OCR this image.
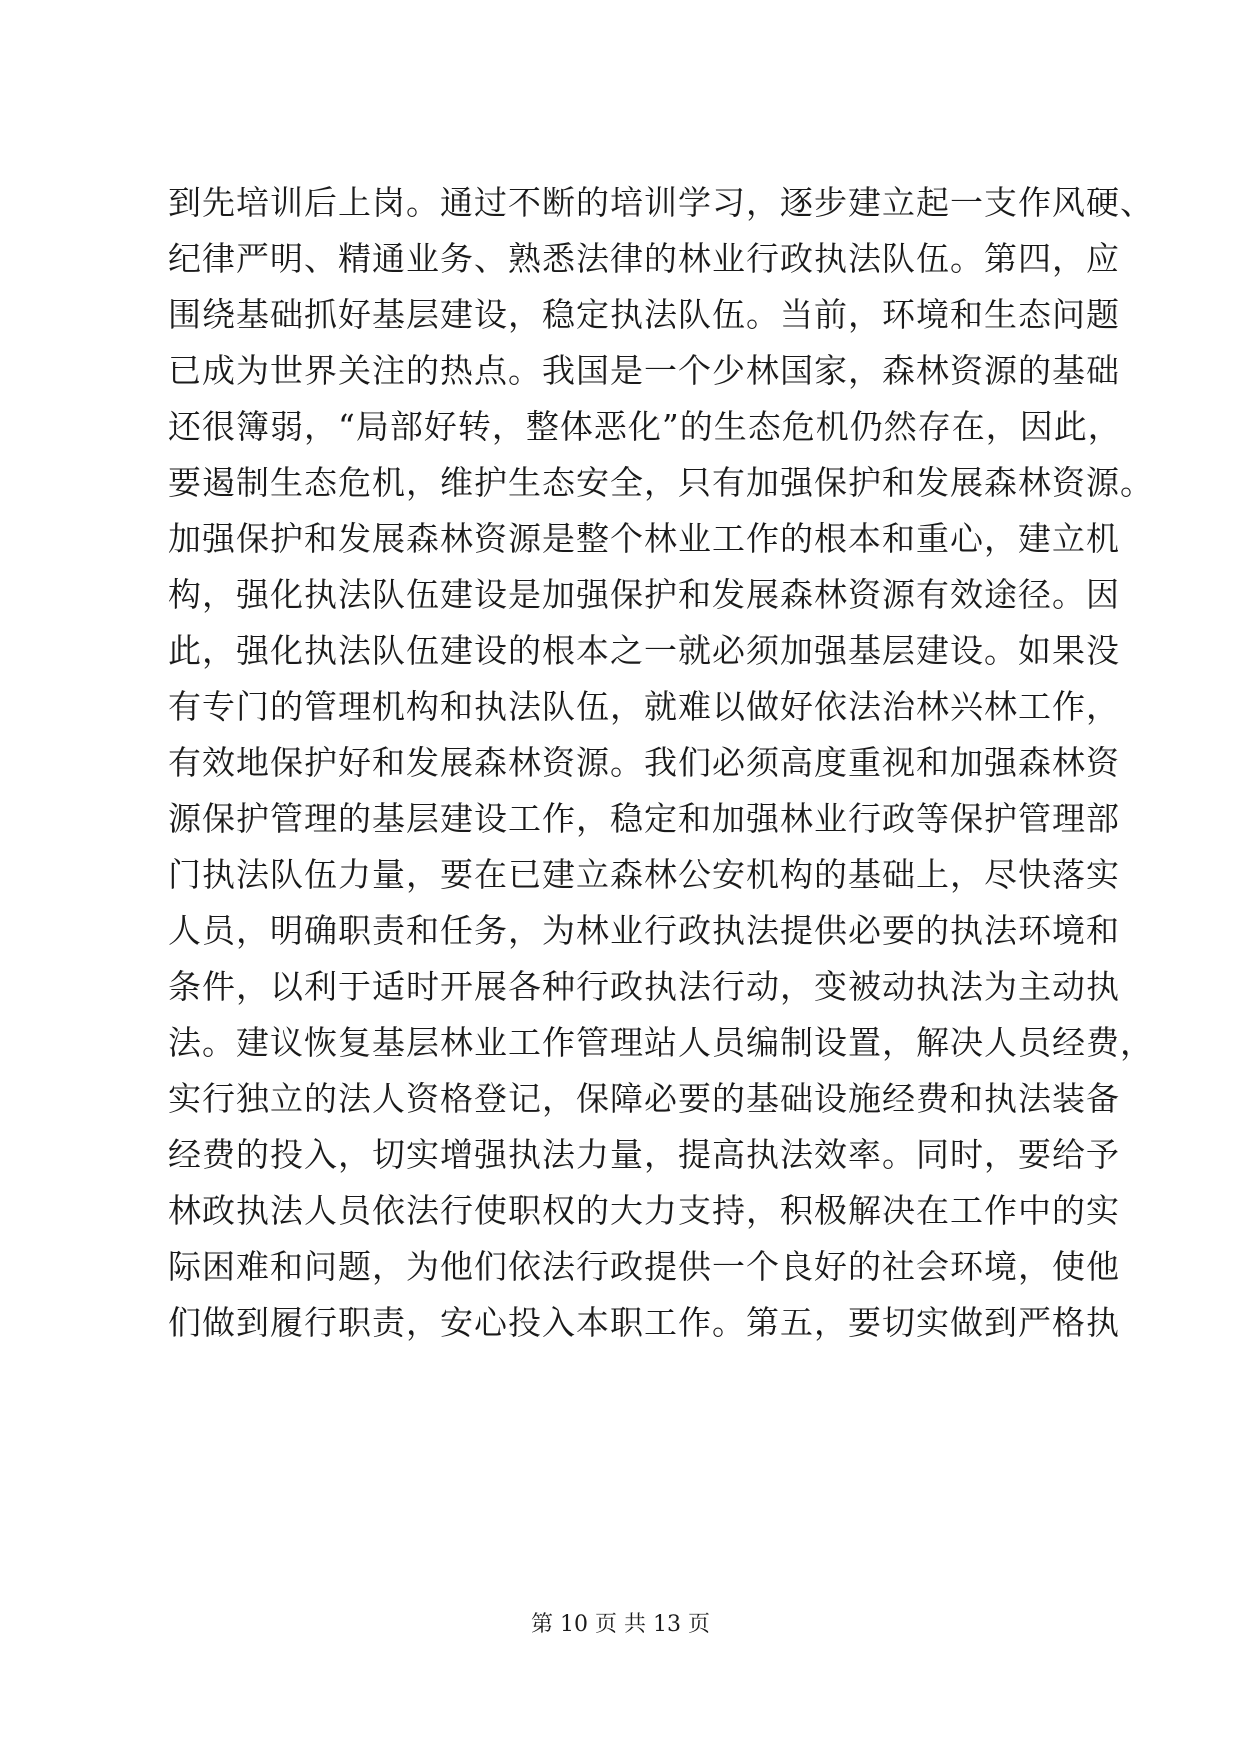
到先培训后上岗。通过不断的培训学习，逐步建立起一支作风硬、
纪律严明、精通业务、熟悉法律的林业行政执法队伍。第四，应
围绕基础抓好基层建设，稳定执法队伍。当前，环境和生态问题
已成为世界关注的热点。我国是一个少林国家，森林资源的基础
还很簿弱，“局部好转，整体恶化”的生态危机仍然存在，因此，
要遏制生态危机，维护生态安全，只有加强保护和发展森林资源。
加强保护和发展森林资源是整个林业工作的根本和重心，建立机
构，强化执法队伍建设是加强保护和发展森林资源有效途径。因
此，强化执法队伍建设的根本之一就必须加强基层建设。如果没
有专门的管理机构和执法队伍，就难以做好依法治林兴林工作，
有效地保护好和发展森林资源。我们必须高度重视和加强森林资
源保护管理的基层建设工作，稳定和加强林业行政等保护管理部
门执法队伍力量，要在已建立森林公安机构的基础上，尽快落实
人员，明确职责和任务，为林业行政执法提供必要的执法环境和
条件，以利于适时开展各种行政执法行动，变被动执法为主动执
法。建议恢复基层林业工作管理站人员编制设置，解决人员经费，
实行独立的法人资格登记，保障必要的基础设施经费和执法装备
经费的投入，切实增强执法力量，提高执法效率。同时，要给予
林政执法人员依法行使职权的大力支持，积极解决在工作中的实
际困难和问题，为他们依法行政提供一个良好的社会环境，使他
们做到履行职责，安心投入本职工作。第五，要切实做到严格执
第 10 页 共 13 页
